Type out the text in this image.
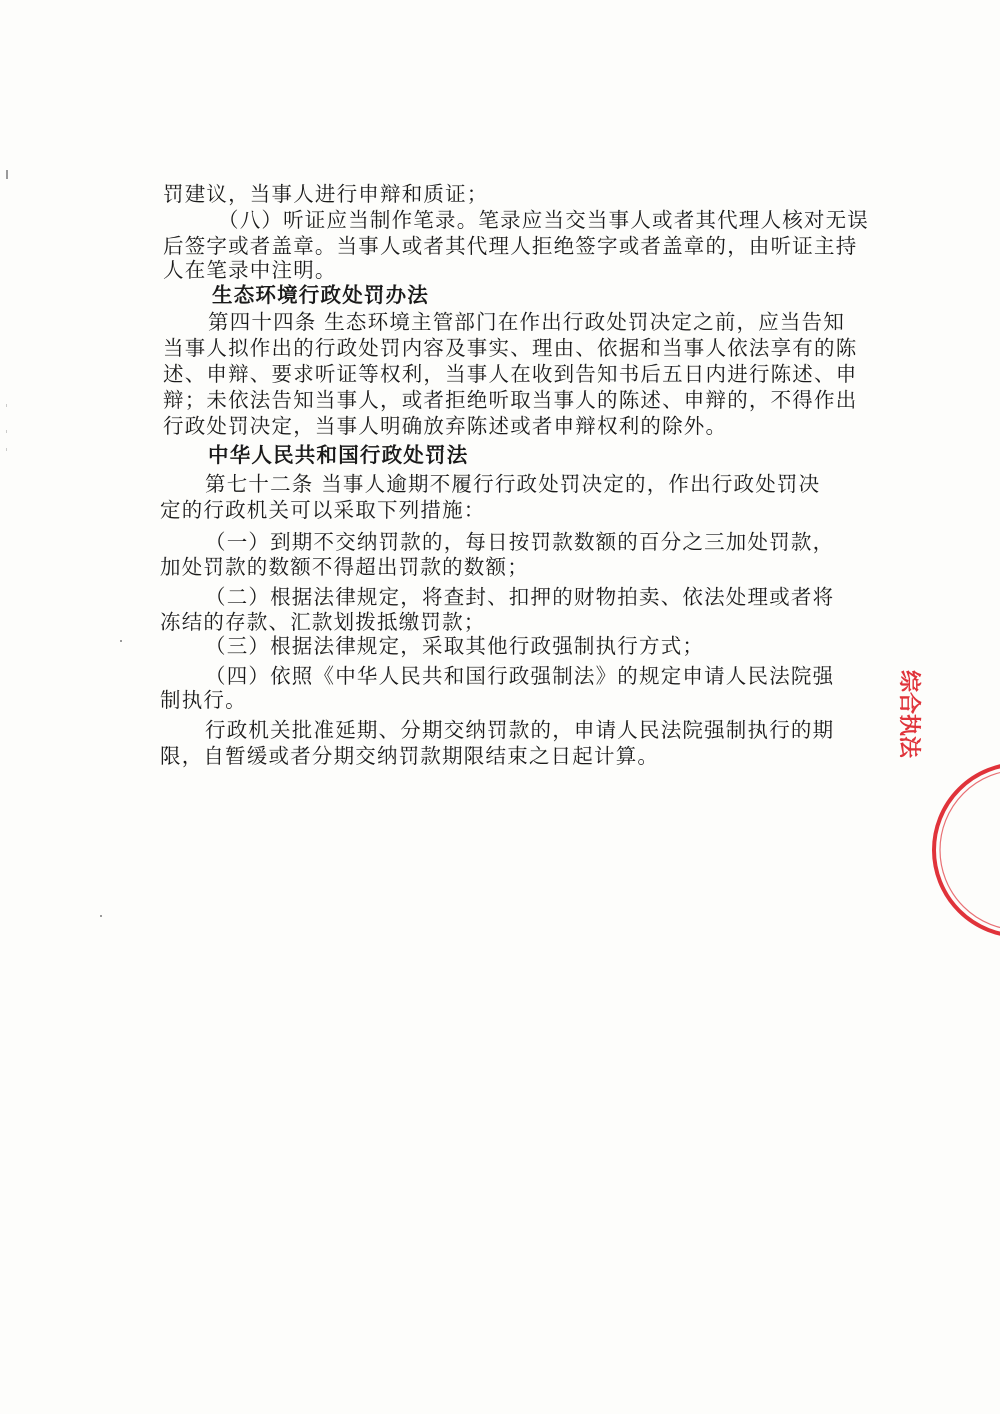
罚建议，当事人进行申辩和质证；
（八）听证应当制作笔录。笔录应当交当事人或者其代理人核对无误
后签字或者盖章。当事人或者其代理人拒绝签字或者盖章的，由听证主持
人在笔录中注明。
生态环境行政处罚办法
第四十四条 生态环境主管部门在作出行政处罚决定之前，应当告知
当事人拟作出的行政处罚内容及事实、理由、依据和当事人依法享有的陈
述、申辩、要求听证等权利，当事人在收到告知书后五日内进行陈述、申
辩；未依法告知当事人，或者拒绝听取当事人的陈述、申辩的，不得作出
行政处罚决定，当事人明确放弃陈述或者申辩权利的除外。
中华人民共和国行政处罚法
第七十二条 当事人逾期不履行行政处罚决定的，作出行政处罚决
定的行政机关可以采取下列措施：
（一）到期不交纳罚款的，每日按罚款数额的百分之三加处罚款，
加处罚款的数额不得超出罚款的数额；
（二）根据法律规定，将查封、扣押的财物拍卖、依法处理或者将
冻结的存款、汇款划拨抵缴罚款；
（三）根据法律规定，采取其他行政强制执行方式；
（四）依照《中华人民共和国行政强制法》的规定申请人民法院强
制执行。
行政机关批准延期、分期交纳罚款的，申请人民法院强制执行的期
限，自暂缓或者分期交纳罚款期限结束之日起计算。	综合执法
